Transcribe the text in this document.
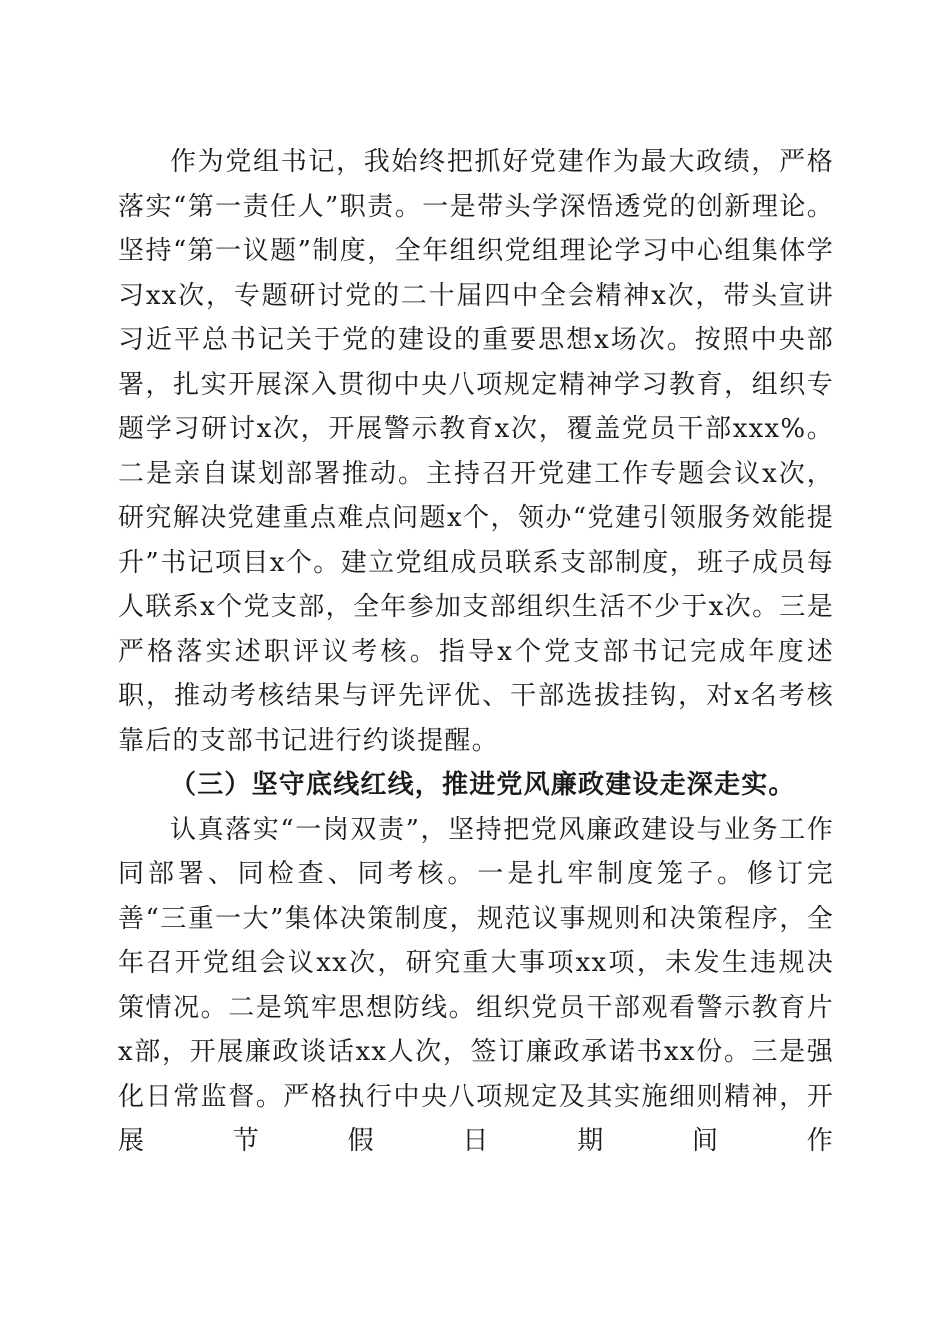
作为党组书记，我始终把抓好党建作为最大政绩，严格落实“第一责任人”职责。一是带头学深悟透党的创新理论。坚持“第一议题”制度，全年组织党组理论学习中心组集体学习xx次，专题研讨党的二十届四中全会精神x次，带头宣讲习近平总书记关于党的建设的重要思想x场次。按照中央部署，扎实开展深入贯彻中央八项规定精神学习教育，组织专题学习研讨x次，开展警示教育x次，覆盖党员干部xxx%。二是亲自谋划部署推动。主持召开党建工作专题会议x次，研究解决党建重点难点问题x个，领办“党建引领服务效能提升”书记项目x个。建立党组成员联系支部制度，班子成员每人联系x个党支部，全年参加支部组织生活不少于x次。三是严格落实述职评议考核。指导x个党支部书记完成年度述职，推动考核结果与评先评优、干部选拔挂钩，对x名考核靠后的支部书记进行约谈提醒。

（三）坚守底线红线，推进党风廉政建设走深走实。

认真落实“一岗双责”，坚持把党风廉政建设与业务工作同部署、同检查、同考核。一是扎牢制度笼子。修订完善“三重一大”集体决策制度，规范议事规则和决策程序，全年召开党组会议xx次，研究重大事项xx项，未发生违规决策情况。二是筑牢思想防线。组织党员干部观看警示教育片x部，开展廉政谈话xx人次，签订廉政承诺书xx份。三是强化日常监督。严格执行中央八项规定及其实施细则精神，开展节假日期间作
